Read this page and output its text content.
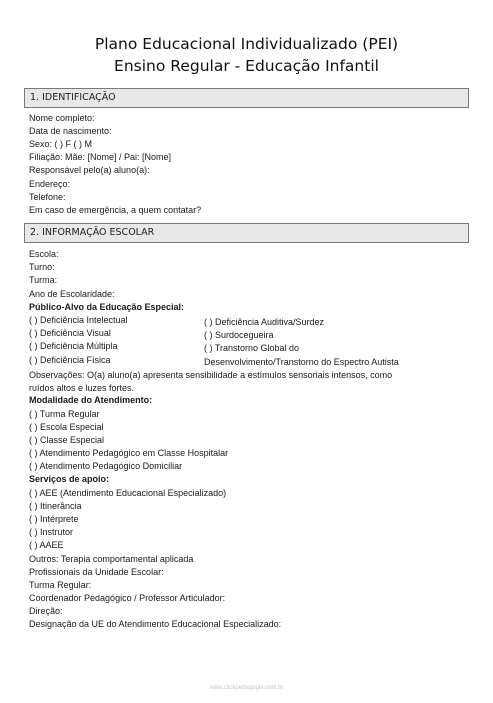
Plano Educacional Individualizado (PEI)
Ensino Regular - Educação Infantil
1. IDENTIFICAÇÃO
Nome completo:
Data de nascimento:
Sexo: ( ) F ( ) M
Filiação: Mãe: [Nome] / Pai: [Nome]
Responsável pelo(a) aluno(a):
Endereço:
Telefone:
Em caso de emergência, a quem contatar?
2. INFORMAÇÃO ESCOLAR
Escola:
Turno:
Turma:
Ano de Escolaridade:
Público-Alvo da Educação Especial:
( ) Deficiência Intelectual
( ) Deficiência Visual
( ) Deficiência Múltipla
( ) Deficiência Física
( ) Deficiência Auditiva/Surdez
( ) Surdocegueira
( ) Transtorno Global do
Desenvolvimento/Transtorno do Espectro Autista
Observações: O(a) aluno(a) apresenta sensibilidade a estímulos sensoriais intensos, como
ruídos altos e luzes fortes.
Modalidade do Atendimento:
( ) Turma Regular
( ) Escola Especial
( ) Classe Especial
( ) Atendimento Pedagógico em Classe Hospitalar
( ) Atendimento Pedagógico Domiciliar
Serviços de apoio:
( ) AEE (Atendimento Educacional Especializado)
( ) Itinerância
( ) Intérprete
( ) Instrutor
( ) AAEE
Outros: Terapia comportamental aplicada
Profissionais da Unidade Escolar:
Turma Regular:
Coordenador Pedagógico / Professor Articulador:
Direção:
Designação da UE do Atendimento Educacional Especializado:
www.clickpedagogia.com.br
